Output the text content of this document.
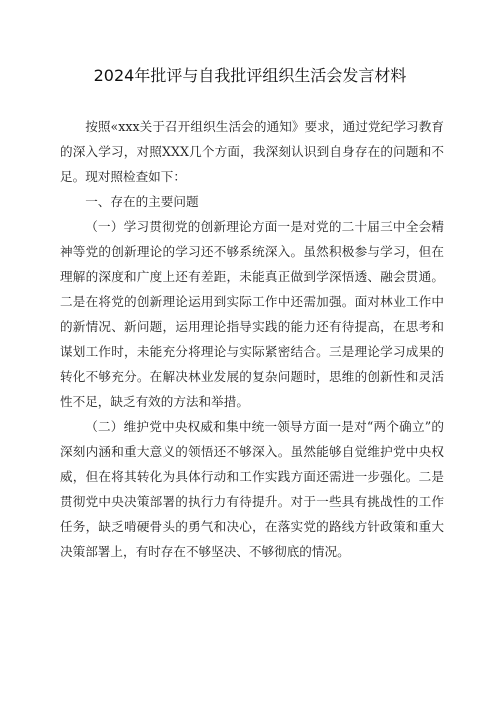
2024年批评与自我批评组织生活会发言材料

按照«xxx关于召开组织生活会的通知》要求，通过党纪学习教育的深入学习，对照XXX几个方面，我深刻认识到自身存在的问题和不足。现对照检查如下：

一、存在的主要问题

（一）学习贯彻党的创新理论方面一是对党的二十届三中全会精神等党的创新理论的学习还不够系统深入。虽然积极参与学习，但在理解的深度和广度上还有差距，未能真正做到学深悟透、融会贯通。二是在将党的创新理论运用到实际工作中还需加强。面对林业工作中的新情况、新问题，运用理论指导实践的能力还有待提高，在思考和谋划工作时，未能充分将理论与实际紧密结合。三是理论学习成果的转化不够充分。在解决林业发展的复杂问题时，思维的创新性和灵活性不足，缺乏有效的方法和举措。

（二）维护党中央权威和集中统一领导方面一是对“两个确立”的深刻内涵和重大意义的领悟还不够深入。虽然能够自觉维护党中央权威，但在将其转化为具体行动和工作实践方面还需进一步强化。二是贯彻党中央决策部署的执行力有待提升。对于一些具有挑战性的工作任务，缺乏啃硬骨头的勇气和决心，在落实党的路线方针政策和重大决策部署上，有时存在不够坚决、不够彻底的情况。
